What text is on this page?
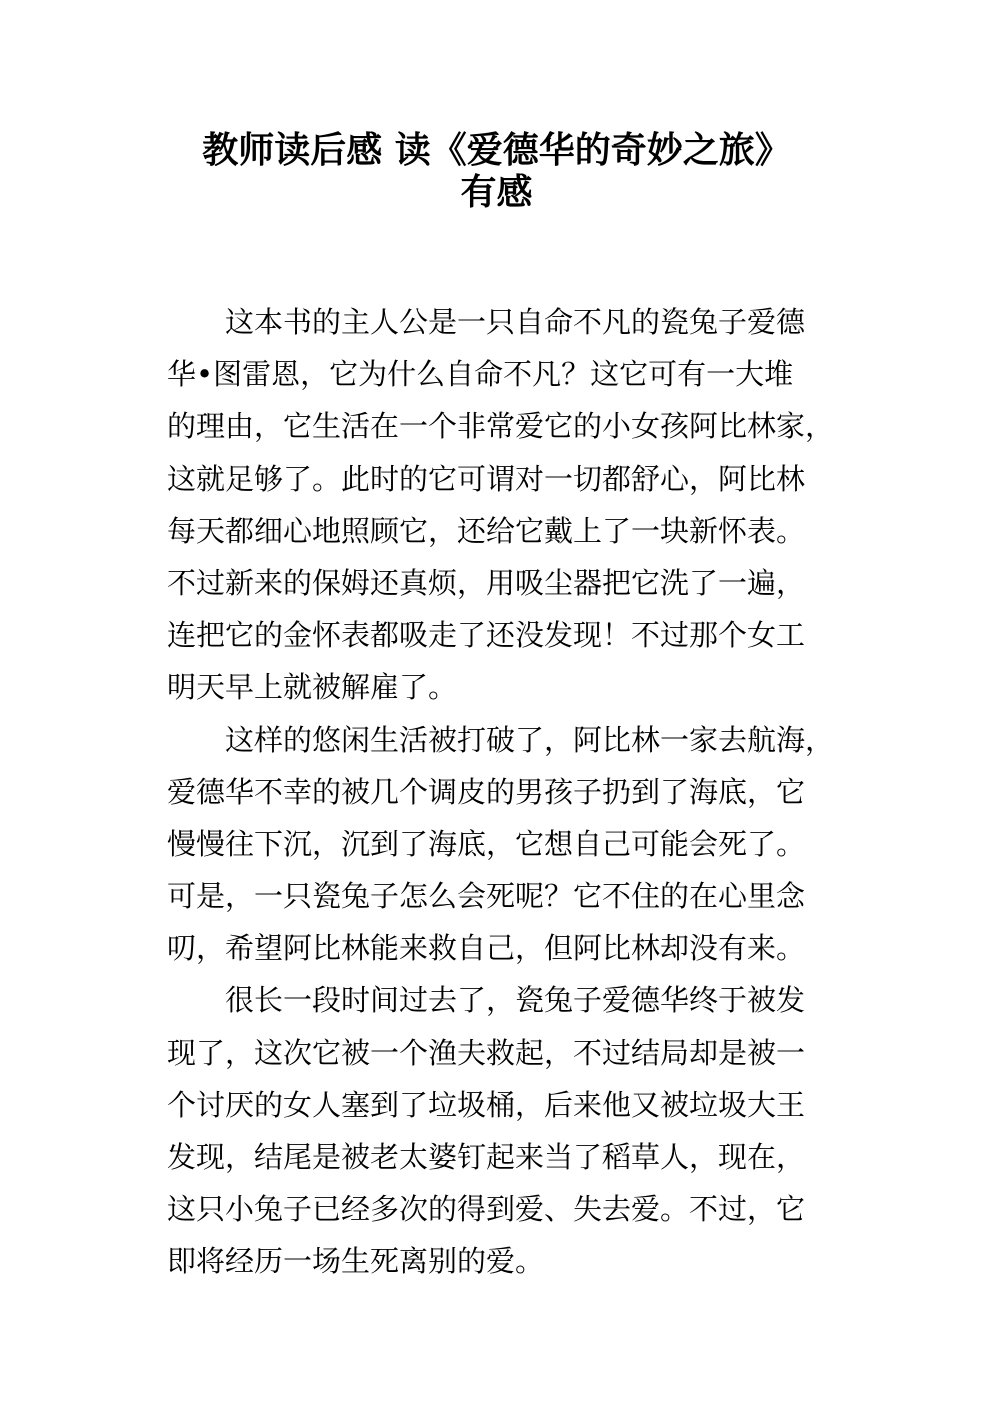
教师读后感 读《爱德华的奇妙之旅》
有感
这本书的主人公是一只自命不凡的瓷兔子爱德
华•图雷恩，它为什么自命不凡？这它可有一大堆
的理由，它生活在一个非常爱它的小女孩阿比林家，
这就足够了。此时的它可谓对一切都舒心，阿比林
每天都细心地照顾它，还给它戴上了一块新怀表。
不过新来的保姆还真烦，用吸尘器把它洗了一遍，
连把它的金怀表都吸走了还没发现！不过那个女工
明天早上就被解雇了。
这样的悠闲生活被打破了，阿比林一家去航海，
爱德华不幸的被几个调皮的男孩子扔到了海底，它
慢慢往下沉，沉到了海底，它想自己可能会死了。
可是，一只瓷兔子怎么会死呢？它不住的在心里念
叨，希望阿比林能来救自己，但阿比林却没有来。
很长一段时间过去了，瓷兔子爱德华终于被发
现了，这次它被一个渔夫救起，不过结局却是被一
个讨厌的女人塞到了垃圾桶，后来他又被垃圾大王
发现，结尾是被老太婆钉起来当了稻草人，现在，
这只小兔子已经多次的得到爱、失去爱。不过，它
即将经历一场生死离别的爱。
